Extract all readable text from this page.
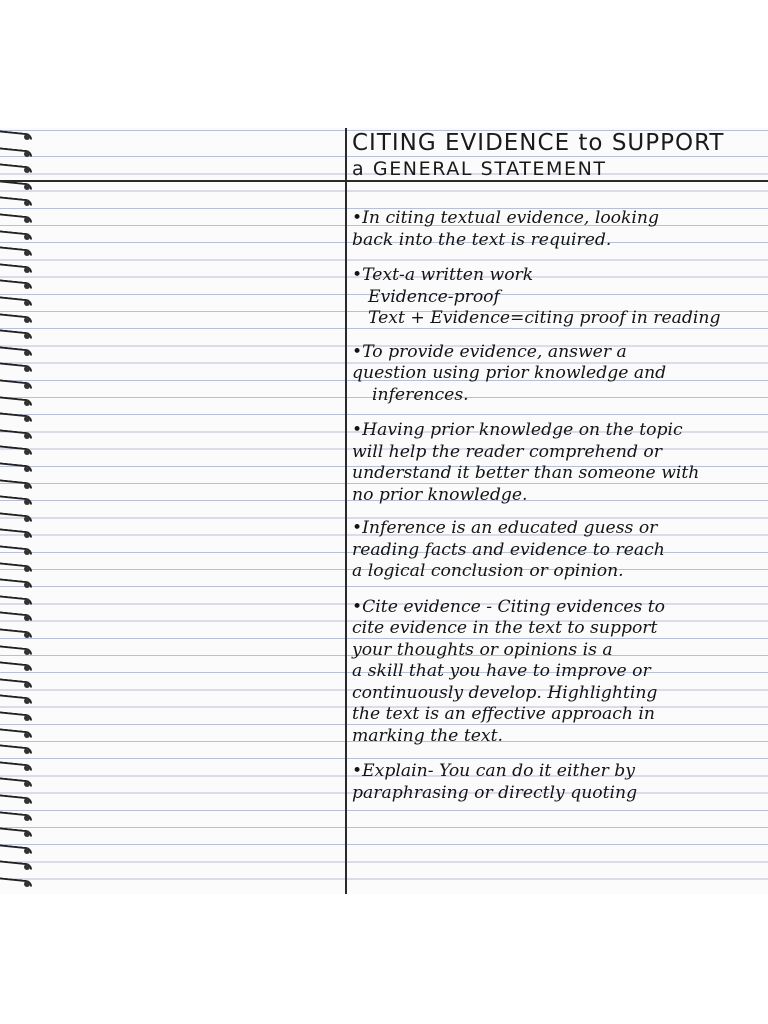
CITING EVIDENCE to SUPPORT
a GENERAL STATEMENT
•In citing textual evidence, looking
back into the text is required.
•Text-a written work
Evidence-proof
Text + Evidence=citing proof in reading
•To provide evidence, answer a
question using prior knowledge and
inferences.
•Having prior knowledge on the topic
will help the reader comprehend or
understand it better than someone with
no prior knowledge.
•Inference is an educated guess or
reading facts and evidence to reach
a logical conclusion or opinion.
•Cite evidence - Citing evidences to
cite evidence in the text to support
your thoughts or opinions is a
a skill that you have to improve or
continuously develop. Highlighting
the text is an effective approach in
marking the text.
•Explain- You can do it either by
paraphrasing or directly quoting
